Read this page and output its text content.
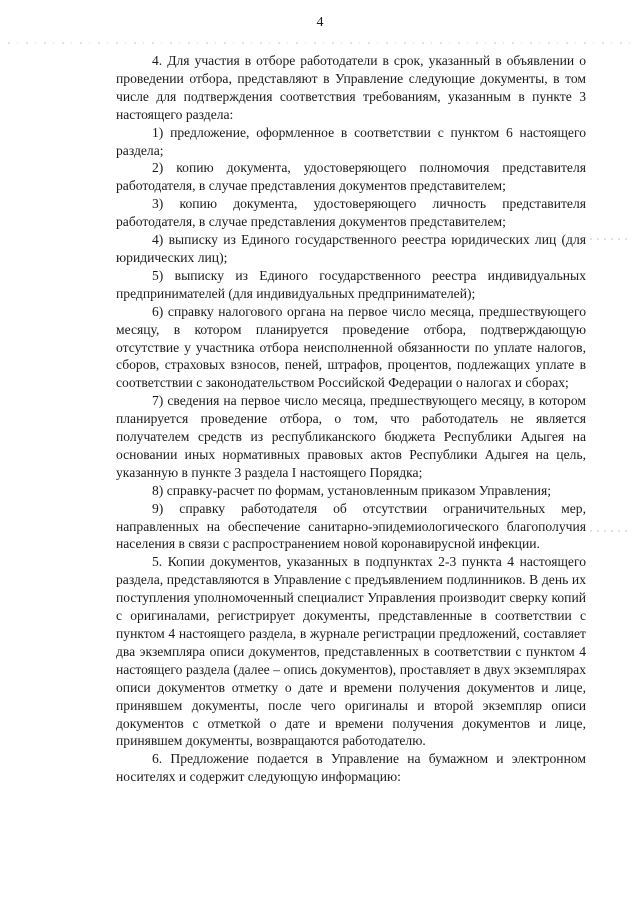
4

4. Для участия в отборе работодатели в срок, указанный в объявлении о проведении отбора, представляют в Управление следующие документы, в том числе для подтверждения соответствия требованиям, указанным в пункте 3 настоящего раздела:

1) предложение, оформленное в соответствии с пунктом 6 настоящего раздела;

2) копию документа, удостоверяющего полномочия представителя работодателя, в случае представления документов представителем;

3) копию документа, удостоверяющего личность представителя работодателя, в случае представления документов представителем;

4) выписку из Единого государственного реестра юридических лиц (для юридических лиц);

5) выписку из Единого государственного реестра индивидуальных предпринимателей (для индивидуальных предпринимателей);

6) справку налогового органа на первое число месяца, предшествующего месяцу, в котором планируется проведение отбора, подтверждающую отсутствие у участника отбора неисполненной обязанности по уплате налогов, сборов, страховых взносов, пеней, штрафов, процентов, подлежащих уплате в соответствии с законодательством Российской Федерации о налогах и сборах;

7) сведения на первое число месяца, предшествующего месяцу, в котором планируется проведение отбора, о том, что работодатель не является получателем средств из республиканского бюджета Республики Адыгея на основании иных нормативных правовых актов Республики Адыгея на цель, указанную в пункте 3 раздела I настоящего Порядка;

8) справку-расчет по формам, установленным приказом Управления;

9) справку работодателя об отсутствии ограничительных мер, направленных на обеспечение санитарно-эпидемиологического благополучия населения в связи с распространением новой коронавирусной инфекции.

5. Копии документов, указанных в подпунктах 2-3 пункта 4 настоящего раздела, представляются в Управление с предъявлением подлинников. В день их поступления уполномоченный специалист Управления производит сверку копий с оригиналами, регистрирует документы, представленные в соответствии с пунктом 4 настоящего раздела, в журнале регистрации предложений, составляет два экземпляра описи документов, представленных в соответствии с пунктом 4 настоящего раздела (далее – опись документов), проставляет в двух экземплярах описи документов отметку о дате и времени получения документов и лице, принявшем документы, после чего оригиналы и второй экземпляр описи документов с отметкой о дате и времени получения документов и лице, принявшем документы, возвращаются работодателю.

6. Предложение подается в Управление на бумажном и электронном носителях и содержит следующую информацию:
